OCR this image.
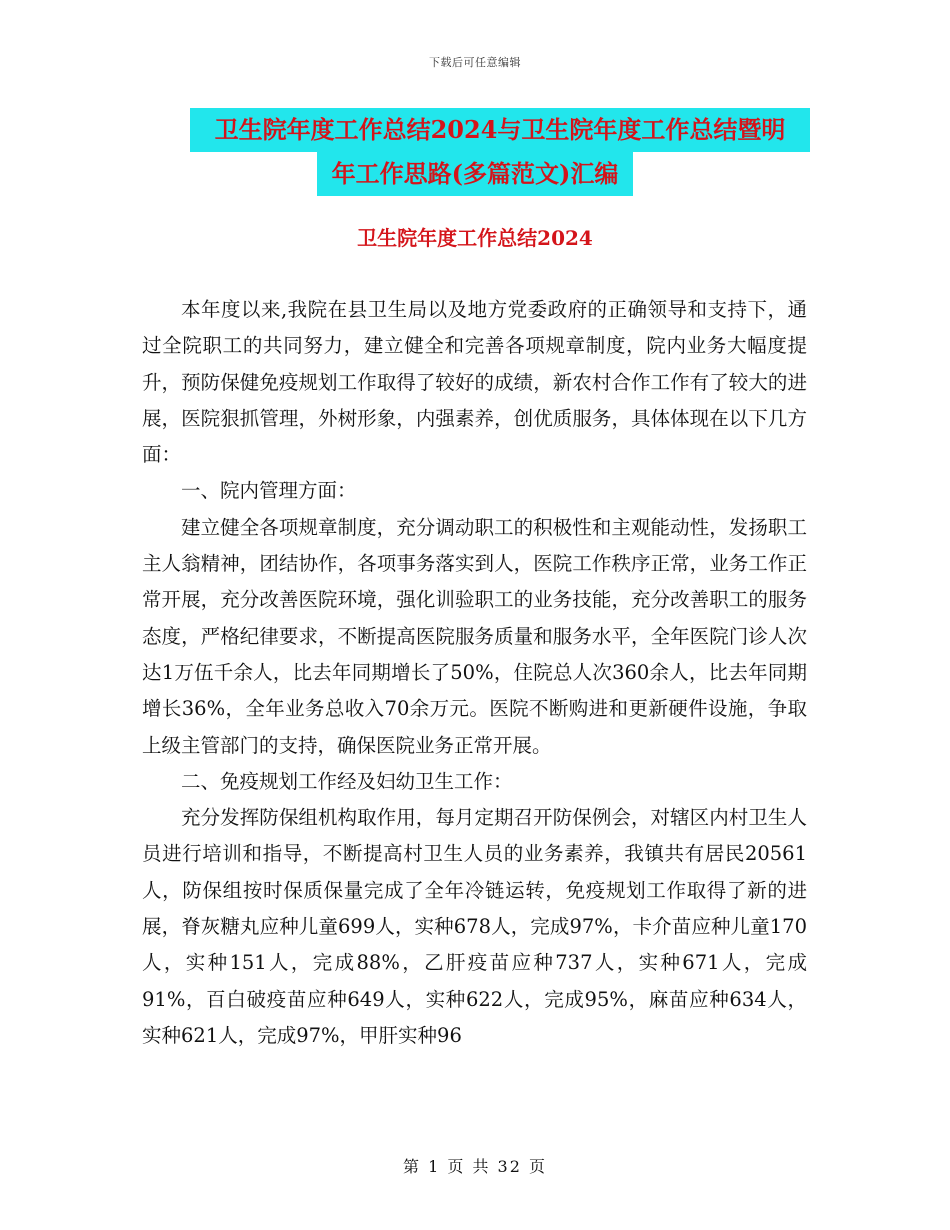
下载后可任意编辑
卫生院年度工作总结2024与卫生院年度工作总结暨明
年工作思路(多篇范文)汇编
卫生院年度工作总结2024

本年度以来,我院在县卫生局以及地方党委政府的正确领导和支持下，通过全院职工的共同努力，建立健全和完善各项规章制度，院内业务大幅度提升，预防保健免疫规划工作取得了较好的成绩，新农村合作工作有了较大的进展，医院狠抓管理，外树形象，内强素养，创优质服务，具体体现在以下几方面：

一、院内管理方面：

建立健全各项规章制度，充分调动职工的积极性和主观能动性，发扬职工主人翁精神，团结协作，各项事务落实到人，医院工作秩序正常，业务工作正常开展，充分改善医院环境，强化训验职工的业务技能，充分改善职工的服务态度，严格纪律要求，不断提高医院服务质量和服务水平，全年医院门诊人次达1万伍千余人，比去年同期增长了50%，住院总人次360余人，比去年同期增长36%，全年业务总收入70余万元。医院不断购进和更新硬件设施，争取上级主管部门的支持，确保医院业务正常开展。

二、免疫规划工作经及妇幼卫生工作：

充分发挥防保组机构取作用，每月定期召开防保例会，对辖区内村卫生人员进行培训和指导，不断提高村卫生人员的业务素养，我镇共有居民20561人，防保组按时保质保量完成了全年冷链运转，免疫规划工作取得了新的进展，脊灰糖丸应种儿童699人，实种678人，完成97%，卡介苗应种儿童170人，实种151人，完成88%，乙肝疫苗应种737人，实种671人，完成91%，百白破疫苗应种649人，实种622人，完成95%，麻苗应种634人，实种621人，完成97%，甲肝实种96

第 1 页 共 32 页
